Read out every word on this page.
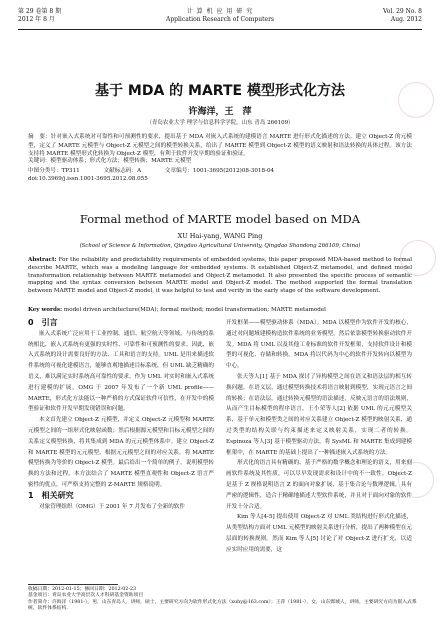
第 29 卷第 8 期
2012 年 8 月
计 算 机 应 用 研 究
Application Research of Computers
Vol. 29 No. 8
Aug. 2012
基于 MDA 的 MARTE 模型形式化方法
许海洋，王　萍
（青岛农业大学 理学与信息科学学院，山东 青岛 266109）
摘　要：针对嵌入式系统对可靠性和可预测性的要求，提出基于 MDA 对嵌入式系统的建模语言 MARTE 进行形式化描述的方法。建立 Object-Z 的元模型，定义了 MARTE 元模型与 Object-Z 元模型之间的模型转换关系，给出了 MARTE 模型到 Object-Z 模型的语义映射和语法转换的具体过程。该方法支持将 MARTE 模型形式化转换为 Object-Z 模型，有利于软件开发早期的验证和验证。
关键词：模型驱动体系；形式化方法；模型转换；MARTE 元模型
中图分类号：TP311	文献标志码：A	文章编号：1001-3695(2012)08-3018-04
doi:10.3969/j.issn.1001-3695.2012.08.055
Formal method of MARTE model based on MDA
XU Hai-yang, WANG Ping
(School of Science & Information, Qingdao Agricultural University, Qingdao Shandong 266109, China)
Abstract: For the reliability and predictability requirements of embedded systems, this paper proposed MDA-based method to formal describe MARTE, which was a modeling language for embedded systems. It established Object-Z metamodel, and defined model transformation relationship between MARTE metamodel and Object-Z metamodel. It also presented the specific process of semantic mapping and the syntax conversion between MARTE model and Object-Z model. The method supported the formal translation between MARTE model and Object-Z model, it was helpful to test and verify in the early stage of the software development.
Key words: model driven architecture(MDA); formal method; model transformation; MARTE metamodel

0　引言

嵌入式系统广泛应用于工业控制、通信、航空航天等领域，与传统的系统相比，嵌入式系统有更强的实时性、可靠性和可预测性的要求。因此，嵌入式系统的设计需要良好的方法、工具和语言的支持。UML 是用来描述软件系统的可视化建模语言，能够直观地描述目标系统，但 UML 缺乏精确的语义，难以满足实时系统高可靠性的要求。作为 UML 对实时和嵌入式系统进行建模的扩展，OMG 于 2007 年发布了一个新 UML profile——MARTE，形式化方法能以一种严格的方式保证软件可信性，在开发中的模型验证和软件开发早期发现错误和问题。

本文首先建立 Object-Z 元模型，并定义 Object-Z 元模型和 MARTE 元模型之间的一组形式化映射函数；然后根据源元模型和目标元模型之间的关系定义模型转换，将其集成到 MDA 的元元模型体系中。建立 Object-Z 和 MARTE 模型的元元模型，根据元元模型之间的对应关系，将 MARTE 模型转换为等价的 Object-Z 模型。最后给出一个简单的例子，说明模型转换的方法和过程。本方法结合了 MARTE 模型直观性和 Object-Z 语言严密性的优点，可严格支持完整的 Z-MARTE 规格说明。

1　相关研究

对象管理组织（OMG）于 2001 年 7 月发布了全新的软件

开发框架——模型驱动体系（MDA）。MDA 以模型作为软件开发的核心，通过对问题域建模构造软件系统的业务模型，然后依靠模型转换驱动软件开发。MDA 将 UML 以及其他工业标准的软件开发框架，支持软件设计和模型的可视化、存储和转换。MDA 将以代码为中心的软件开发转向以模型为中心。

张天等人[1] 基于 MDA 探讨了异构模型之间在语义和语法层的相互转换问题。在语义层，通过模型转换技术将语言映射到模型，实现元语言之间的转换；在语法层，通过转换元模型的语法描述，反映元语言的语法规则，从而产生目标模型的程序语言。王小荣等人[2] 依据 UML 的元元模型关系，基于单元和模型类之间的对应关系建立 Object-Z 模型的映射关系，通过类型的结构关联与约束描述来定义映射关系，实现二者的转换。Espinoza 等人[3] 基于模型驱动方法，将 SysML 和 MARTE 集成到建模框架中，在 MARTE 的基础上提出了一种描述嵌入式系统的方法。

形式化的语言具有精确的、基于严格的数学概念和理论的语义，用来刻画软件系统及其性质，可以尽早发现需求和设计中的不一致性。Object-Z 是基于 Z 规格说明语言 Z 的面向对象扩展，基于集合论与数理逻辑，具有严密的逻辑性，适合于精确地描述大型软件系统，并且对于面向对象的软件开发十分合适。

Kim 等人[4-5] 提出使用 Object-Z 对 UML 类结构进行形式化描述，从类型结构方面对 UML 元模型的映射关系进行分析，提出了两种模型在元层面的转换规则。然而 Kim 等人[5] 讨论了对 Object-Z 进行扩充，以适应实时应用的需要，这

收稿日期：2012-01-15；修回日期：2012-02-23
基金项目：青岛农业大学高层次人才科研基金资助项目
作者简介：许海洋（1981-），男，山东青岛人，讲师，硕士，主要研究方向为软件形式化方法（xuhy@163.com）；王萍（1981-），女，山东鄄城人，讲师，主要研究方向为嵌入式系统、软件体系结构.
